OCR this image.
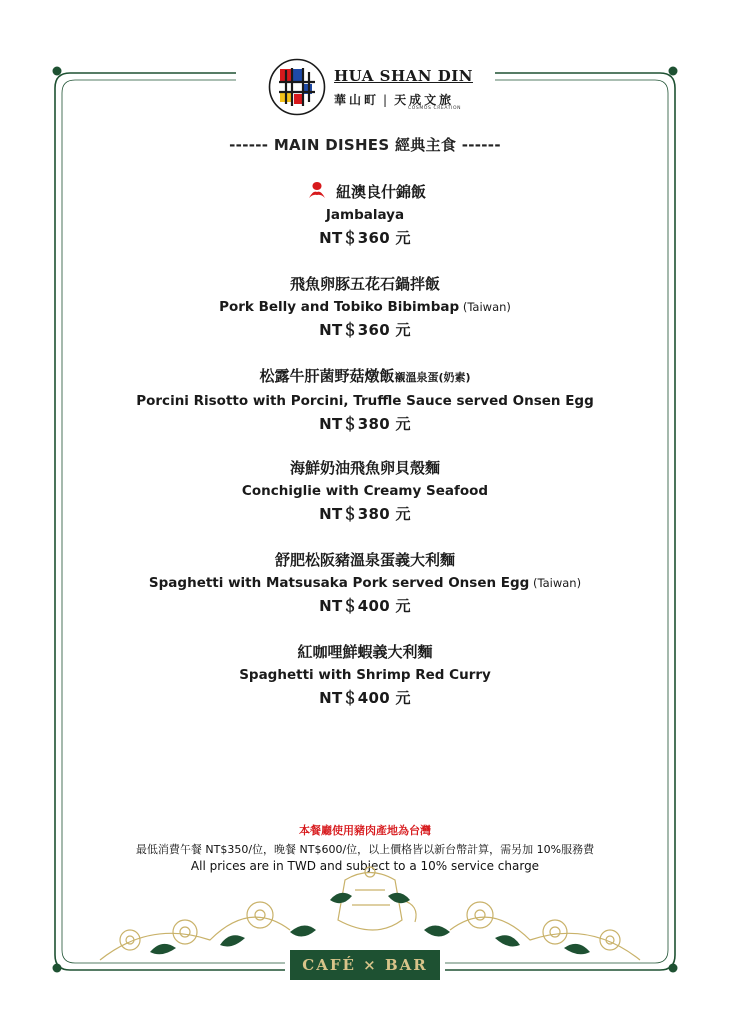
HUA SHAN DIN
華山町 | 天成文旅
COSMOS CREATION
------ MAIN DISHES 經典主食 ------
紐澳良什錦飯
Jambalaya
NT＄360 元
飛魚卵豚五花石鍋拌飯
Pork Belly and Tobiko Bibimbap (Taiwan)
NT＄360 元
松露牛肝菌野菇燉飯襯溫泉蛋(奶素)
Porcini Risotto with Porcini, Truffle Sauce served Onsen Egg
NT＄380 元
海鮮奶油飛魚卵貝殼麵
Conchiglie with Creamy Seafood
NT＄380 元
舒肥松阪豬溫泉蛋義大利麵
Spaghetti with Matsusaka Pork served Onsen Egg (Taiwan)
NT＄400 元
紅咖哩鮮蝦義大利麵
Spaghetti with Shrimp Red Curry
NT＄400 元
本餐廳使用豬肉產地為台灣
最低消費午餐 NT$350/位，晚餐 NT$600/位，以上價格皆以新台幣計算，需另加 10%服務費
All prices are in TWD and subject to a 10% service charge
CAFÉ × BAR
